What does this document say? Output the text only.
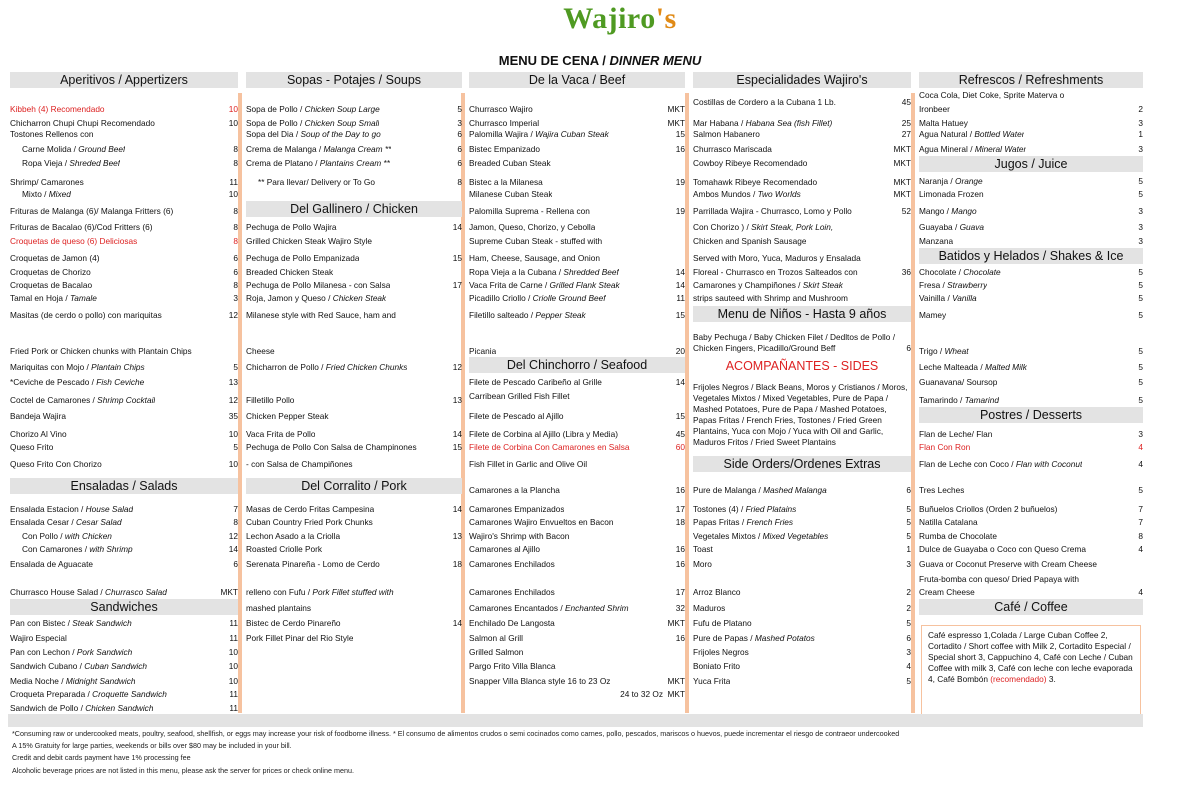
Wajiro's
MENU DE CENA / DINNER MENU
Aperitivos / Appertizers
Ensaladas / Salads
Sandwiches
Kibbeh (4) Recomendado	10
Chicharron Chupi Chupi Recomendado	10
Tostones Rellenos con
Carne Molida / Ground Beef	8
Ropa Vieja / Shreded Beef	8
Shrimp/ Camarones	11
Mixto / Mixed	10
Frituras de Malanga (6)/ Malanga Fritters (6)	8
Frituras de Bacalao (6)/Cod Fritters (6)	8
Croquetas de queso (6) Deliciosas	8
Croquetas de Jamon (4)	6
Croquetas de Chorizo	6
Croquetas de Bacalao	8
Tamal en Hoja / Tamale	3
Masitas (de cerdo o pollo) con mariquitas	12
Fried Pork or Chicken chunks with Plantain Chips
Mariquitas con Mojo / Plantain Chips	5
*Ceviche de Pescado / Fish Ceviche	13
Coctel de Camarones / Shrimp Cocktail	12
Bandeja Wajira	35
Chorizo Al Vino	10
Queso Frito	5
Queso Frito Con Chorizo	10
Ensalada Estacion / House Salad	7
Ensalada Cesar / Cesar Salad	8
Con Pollo / with Chicken	12
Con Camarones / with Shrimp	14
Ensalada de Aguacate	6
Churrasco House Salad / Churrasco Salad	MKT
Pan con Bistec / Steak Sandwich	11
Wajiro Especial	11
Pan con Lechon / Pork Sandwich	10
Sandwich Cubano / Cuban Sandwich	10
Media Noche / Midnight Sandwich	10
Croqueta Preparada / Croquette Sandwich	11
Sandwich de Pollo / Chicken Sandwich	11
Sopas - Potajes / Soups
Del Gallinero / Chicken
Del Corralito / Pork
Sopa de Pollo / Chicken Soup Large	5
Sopa de Pollo / Chicken Soup Small	3
Sopa del Dia / Soup of the Day to go	6
Crema de Malanga / Malanga Cream **	6
Crema de Platano / Plantains Cream **	6
** Para llevar/ Delivery or To Go	8
Pechuga de Pollo Wajira	14
Grilled Chicken Steak Wajiro Style
Pechuga de Pollo Empanizada	15
Breaded Chicken Steak
Pechuga de Pollo Milanesa - con Salsa	17
Roja, Jamon y Queso / Chicken Steak
Milanese style with Red Sauce, ham and
Cheese
Chicharron de Pollo / Fried Chicken Chunks	12
Filletillo Pollo	13
Chicken Pepper Steak
Vaca Frita de Pollo	14
Pechuga de Pollo Con Salsa de Champinones	15
- con Salsa de Champiñones
Masas de Cerdo Fritas Campesina	14
Cuban Country Fried Pork Chunks
Lechon Asado a la Criolla	13
Roasted Criolle Pork
Serenata Pinareña - Lomo de Cerdo	18
relleno con Fufu / Pork Fillet stuffed with
mashed plantains
Bistec de Cerdo Pinareño	14
Pork Fillet Pinar del Rio Style
De la Vaca / Beef
Del Chinchorro / Seafood
Churrasco Wajiro	MKT
Churrasco Imperial	MKT
Palomilla Wajira / Wajira Cuban Steak	15
Bistec Empanizado	16
Breaded Cuban Steak
Bistec a la Milanesa	19
Milanese Cuban Steak
Palomilla Suprema - Rellena con	19
Jamon, Queso, Chorizo, y Cebolla
Supreme Cuban Steak - stuffed with
Ham, Cheese, Sausage, and Onion
Ropa Vieja a la Cubana / Shredded Beef	14
Vaca Frita de Carne / Grilled Flank Steak	14
Picadillo Criollo / Criolle Ground Beef	11
Filetillo salteado / Pepper Steak	15
Picania	20
Filete de Pescado Caribeño al Grille	14
Carribean Grilled Fish Fillet
Filete de Pescado al Ajillo	15
Filete de Corbina al Ajillo (Libra y Media)	45
Filete de Corbina Con Camarones en Salsa	60
Fish Fillet in Garlic and Olive Oil
Camarones a la Plancha	16
Camarones Empanizados	17
Camarones Wajiro Envueltos en Bacon	18
Wajiro's Shrimp with Bacon
Camarones al Ajillo	16
Camarones Enchilados	16
Camarones Enchilados	17
Camarones Encantados / Enchanted Shrim	32
Enchilado De Langosta	MKT
Salmon al Grill	16
Grilled Salmon
Pargo Frito Villa Blanca
Snapper Villa Blanca style 16 to 23 Oz	MKT
24 to 32 Oz MKT
Especialidades Wajiro's
Menu de Niños - Hasta 9 años
ACOMPAÑANTES - SIDES
Side Orders/Ordenes Extras
Costillas de Cordero a la Cubana 1 Lb.	45
Mar Habana / Habana Sea (fish Fillet)	25
Salmon Habanero	27
Churrasco Mariscada	MKT
Cowboy Ribeye Recomendado	MKT
Tomahawk Ribeye Recomendado	MKT
Ambos Mundos / Two Worlds	MKT
Parrillada Wajira - Churrasco, Lomo y Pollo	52
Con Chorizo ) / Skirt Steak, Pork Loin,
Chicken and Spanish Sausage
Served with Moro, Yuca, Maduros y Ensalada
Floreal - Churrasco en Trozos Salteados con	36
Camarones y Champiñones / Skirt Steak
strips sauteed with Shrimp and Mushroom
Pure de Malanga / Mashed Malanga	6
Tostones (4) / Fried Platains	5
Papas Fritas / French Fries	5
Vegetales Mixtos / Mixed Vegetables	5
Toast	1
Moro	3
Arroz Blanco	2
Maduros	2
Fufu de Platano	5
Pure de Papas / Mashed Potatos	6
Frijoles Negros	3
Boniato Frito	4
Yuca Frita	5
Baby Pechuga / Baby Chicken Filet / Dedltos de Pollo / Chicken Fingers, Picadillo/Ground Beff	6
Frijoles Negros / Black Beans, Moros y Cristianos / Moros, Vegetales Mixtos / Mixed Vegetables, Pure de Papa / Mashed Potatoes, Pure de Papa / Mashed Potatoes, Papas Fritas / French Fries, Tostones / Fried Green Plantains, Yuca con Mojo / Yuca with Oil and Garlic, Maduros Fritos / Fried Sweet Plantains
Refrescos / Refreshments
Jugos / Juice
Batidos y Helados / Shakes & Ice
Postres / Desserts
Café / Coffee
Coca Cola, Diet Coke, Sprite Materva o
Ironbeer	2
Malta Hatuey	3
Agua Natural / Bottled Water	1
Agua Mineral / Mineral Water	3
Naranja / Orange	5
Limonada Frozen	5
Mango / Mango	3
Guayaba / Guava	3
Manzana	3
Chocolate / Chocolate	5
Fresa / Strawberry	5
Vainilla / Vanilla	5
Mamey	5
Trigo / Wheat	5
Leche Malteada / Malted Milk	5
Guanavana/ Soursop	5
Tamarindo / Tamarind	5
Flan de Leche/ Flan	3
Flan Con Ron	4
Flan de Leche con Coco / Flan with Coconut	4
Tres Leches	5
Buñuelos Criollos (Orden 2 buñuelos)	7
Natilla Catalana	7
Rumba de Chocolate	8
Dulce de Guayaba o Coco con Queso Crema	4
Guava or Coconut Preserve with Cream Cheese
Fruta-bomba con queso/ Dried Papaya with
Cream Cheese	4
Café espresso 1,Colada / Large Cuban Coffee 2, Cortadito / Short coffee with Milk 2, Cortadito Especial / Special short 3, Cappuchino 4, Café con Leche / Cuban Coffee with milk 3, Café con leche con leche evaporada 4, Café Bombón (recomendado) 3.
*Consuming raw or undercooked meats, poultry, seafood, shellfish, or eggs may increase your risk of foodborne illness. * El consumo de alimentos crudos o semi cocinados como carnes, pollo, pescados, mariscos o huevos, puede incrementar el riesgo de contraeor undercooked
A 15% Gratuity for large parties, weekends or bills over $80 may be included in your bill.
Credit and debit cards payment have 1% processing fee
Alcoholic beverage prices are not listed in this menu, please ask the server for prices or check online menu.
